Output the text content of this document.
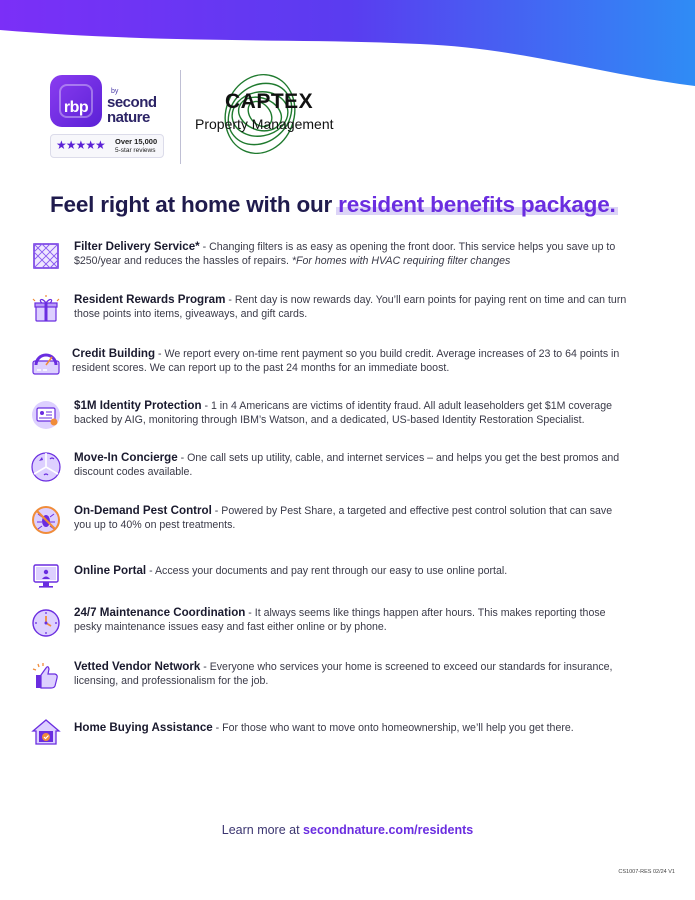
rbp
by
second nature
★★★★★ Over 15,000
5-star reviews
CAPTEX
Property Management
Feel right at home with our resident benefits package.
Filter Delivery Service* - Changing filters is as easy as opening the front door. This service helps you save up to $250/year and reduces the hassles of repairs. *For homes with HVAC requiring filter changes
Resident Rewards Program - Rent day is now rewards day. You’ll earn points for paying rent on time and can turn those points into items, giveaways, and gift cards.
Credit Building - We report every on-time rent payment so you build credit. Average increases of 23 to 64 points in resident scores. We can report up to the past 24 months for an immediate boost.
$1M Identity Protection - 1 in 4 Americans are victims of identity fraud. All adult leaseholders get $1M coverage backed by AIG, monitoring through IBM’s Watson, and a dedicated, US-based Identity Restoration Specialist.
Move-In Concierge - One call sets up utility, cable, and internet services – and helps you get the best promos and discount codes available.
On-Demand Pest Control - Powered by Pest Share, a targeted and effective pest control solution that can save you up to 40% on pest treatments.
Online Portal - Access your documents and pay rent through our easy to use online portal.
24/7 Maintenance Coordination - It always seems like things happen after hours. This makes reporting those pesky maintenance issues easy and fast either online or by phone.
Vetted Vendor Network - Everyone who services your home is screened to exceed our standards for insurance, licensing, and professionalism for the job.
Home Buying Assistance - For those who want to move onto homeownership, we’ll help you get there.
Learn more at secondnature.com/residents
CS1007-RES 02/24 V1
